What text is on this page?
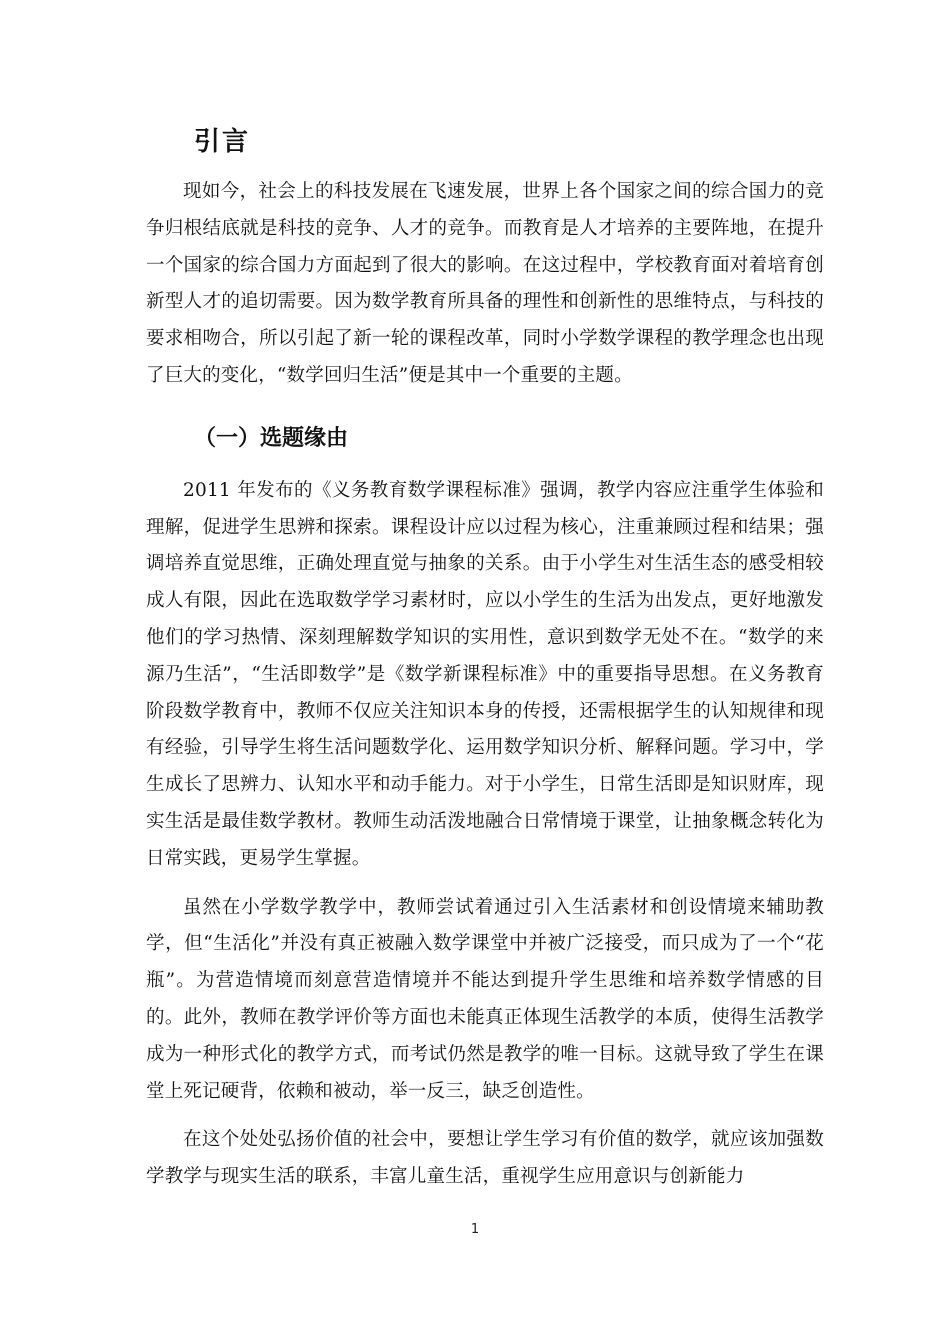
引言

现如今，社会上的科技发展在飞速发展，世界上各个国家之间的综合国力的竞争归根结底就是科技的竞争、人才的竞争。而教育是人才培养的主要阵地，在提升一个国家的综合国力方面起到了很大的影响。在这过程中，学校教育面对着培育创新型人才的追切需要。因为数学教育所具备的理性和创新性的思维特点，与科技的要求相吻合，所以引起了新一轮的课程改革，同时小学数学课程的教学理念也出现了巨大的变化，“数学回归生活”便是其中一个重要的主题。

（一）选题缘由

2011 年发布的《义务教育数学课程标准》强调，教学内容应注重学生体验和理解，促进学生思辨和探索。课程设计应以过程为核心，注重兼顾过程和结果；强调培养直觉思维，正确处理直觉与抽象的关系。由于小学生对生活生态的感受相较成人有限，因此在选取数学学习素材时，应以小学生的生活为出发点，更好地激发他们的学习热情、深刻理解数学知识的实用性，意识到数学无处不在。“数学的来源乃生活”，“生活即数学”是《数学新课程标准》中的重要指导思想。在义务教育阶段数学教育中，教师不仅应关注知识本身的传授，还需根据学生的认知规律和现有经验，引导学生将生活问题数学化、运用数学知识分析、解释问题。学习中，学生成长了思辨力、认知水平和动手能力。对于小学生，日常生活即是知识财库，现实生活是最佳数学教材。教师生动活泼地融合日常情境于课堂，让抽象概念转化为日常实践，更易学生掌握。

虽然在小学数学教学中，教师尝试着通过引入生活素材和创设情境来辅助教学，但“生活化”并没有真正被融入数学课堂中并被广泛接受，而只成为了一个“花瓶”。为营造情境而刻意营造情境并不能达到提升学生思维和培养数学情感的目的。此外，教师在教学评价等方面也未能真正体现生活教学的本质，使得生活教学成为一种形式化的教学方式，而考试仍然是教学的唯一目标。这就导致了学生在课堂上死记硬背，依赖和被动，举一反三，缺乏创造性。

在这个处处弘扬价值的社会中，要想让学生学习有价值的数学，就应该加强数学教学与现实生活的联系，丰富儿童生活，重视学生应用意识与创新能力

1
